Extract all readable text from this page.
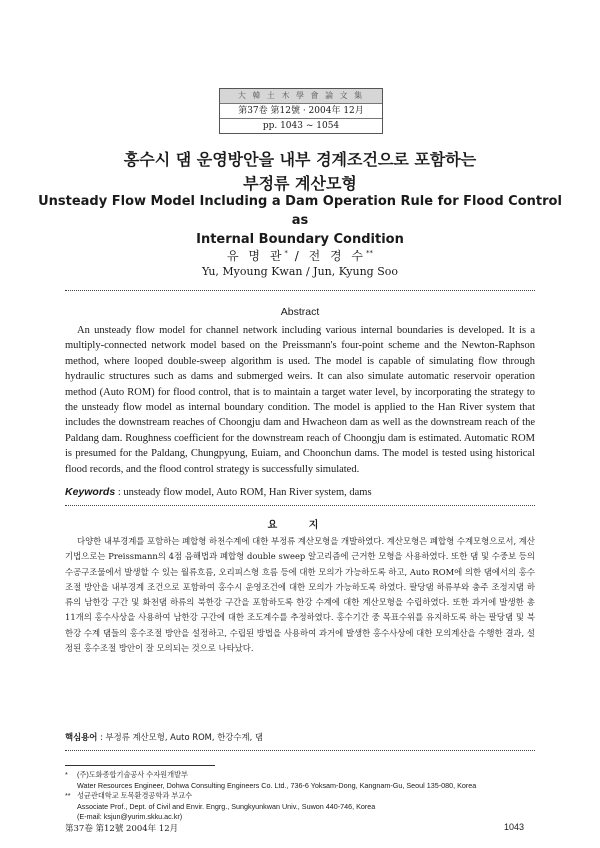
大 韓 土 木 學 會 論 文 集
第37卷 第12號 · 2004年 12月
pp. 1043 ~ 1054
홍수시 댐 운영방안을 내부 경계조건으로 포함하는
부정류 계산모형
Unsteady Flow Model Including a Dam Operation Rule for Flood Control as
Internal Boundary Condition
유 명 관* / 전 경 수**
Yu, Myoung Kwan / Jun, Kyung Soo
Abstract

An unsteady flow model for channel network including various internal boundaries is developed. It is a multiply-connected network model based on the Preissmann's four-point scheme and the Newton-Raphson method, where looped double-sweep algorithm is used. The model is capable of simulating flow through hydraulic structures such as dams and submerged weirs. It can also simulate automatic reservoir operation method (Auto ROM) for flood control, that is to maintain a target water level, by incorporating the strategy to the unsteady flow model as internal boundary condition. The model is applied to the Han River system that includes the downstream reaches of Choongju dam and Hwacheon dam as well as the downstream reach of the Paldang dam. Roughness coefficient for the downstream reach of Choongju dam is estimated. Automatic ROM is presumed for the Paldang, Chungpyung, Euiam, and Choonchun dams. The model is tested using historical flood records, and the flood control strategy is successfully simulated.

Keywords : unsteady flow model, Auto ROM, Han River system, dams
요 지

다양한 내부경계를 포함하는 폐합형 하천수계에 대한 부정류 계산모형을 개발하였다. 계산모형은 폐합형 수계모형으로서, 계산기법으로는 Preissmann의 4점 음해법과 폐합형 double sweep 알고리즘에 근거한 모형을 사용하였다. 또한 댐 및 수중보 등의 수공구조물에서 발생할 수 있는 월류흐름, 오리피스형 흐름 등에 대한 모의가 가능하도록 하고, Auto ROM에 의한 댐에서의 홍수조절 방안을 내부경계 조건으로 포함하여 홍수시 운영조건에 대한 모의가 가능하도록 하였다. 팔당댐 하류부와 충주 조정지댐 하류의 남한강 구간 및 화천댐 하류의 북한강 구간을 포함하도록 한강 수계에 대한 계산모형을 수립하였다. 또한 과거에 발생한 총 11개의 홍수사상을 사용하여 남한강 구간에 대한 조도계수를 추정하였다. 홍수기간 중 목표수위를 유지하도록 하는 팔당댐 및 북한강 수계 댐들의 홍수조절 방안을 설정하고, 수립된 방법을 사용하여 과거에 발생한 홍수사상에 대한 모의계산을 수행한 결과, 설정된 홍수조절 방안이 잘 모의되는 것으로 나타났다.

핵심용어 : 부정류 계산모형, Auto ROM, 한강수계, 댐
* (주)도화종합기술공사 수자원개발부
Water Resources Engineer, Dohwa Consulting Engineers Co. Ltd., 736-6 Yoksam-Dong, Kangnam-Gu, Seoul 135-080, Korea
** 성균관대학교 토목환경공학과 부교수
Associate Prof., Dept. of Civil and Envir. Engrg., Sungkyunkwan Univ., Suwon 440-746, Korea
(E-mail: ksjun@yurim.skku.ac.kr)
第37卷 第12號 2004年 12月	1043
